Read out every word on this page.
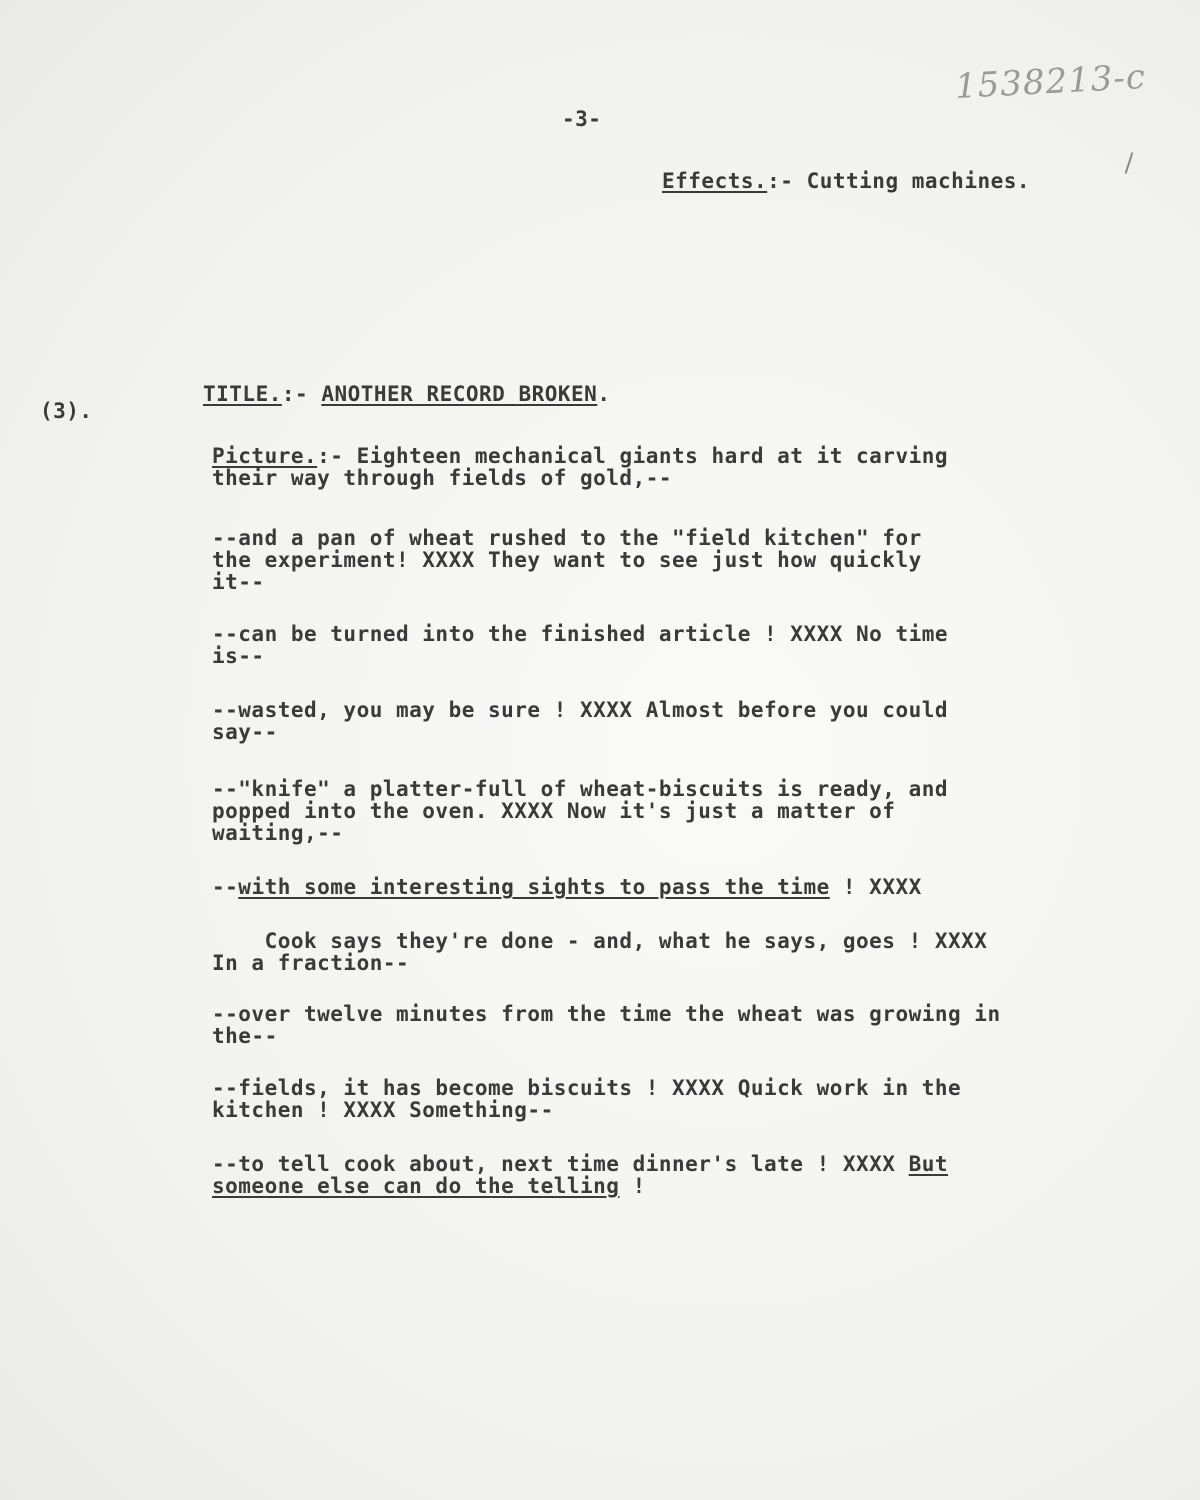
1538213-c
-3-
Effects.:- Cutting machines.
(3).
TITLE.:- ANOTHER RECORD BROKEN.
Picture.:- Eighteen mechanical giants hard at it carving
their way through fields of gold,--
--and a pan of wheat rushed to the "field kitchen" for
the experiment! XXXX They want to see just how quickly
it--
--can be turned into the finished article ! XXXX No time
is--
--wasted, you may be sure ! XXXX Almost before you could
say--
--"knife" a platter-full of wheat-biscuits is ready, and
popped into the oven. XXXX Now it's just a matter of
waiting,--
--with some interesting sights to pass the time ! XXXX
Cook says they're done - and, what he says, goes ! XXXX
In a fraction--
--over twelve minutes from the time the wheat was growing in
the--
--fields, it has become biscuits ! XXXX Quick work in the
kitchen ! XXXX Something--
--to tell cook about, next time dinner's late ! XXXX But
someone else can do the telling !
